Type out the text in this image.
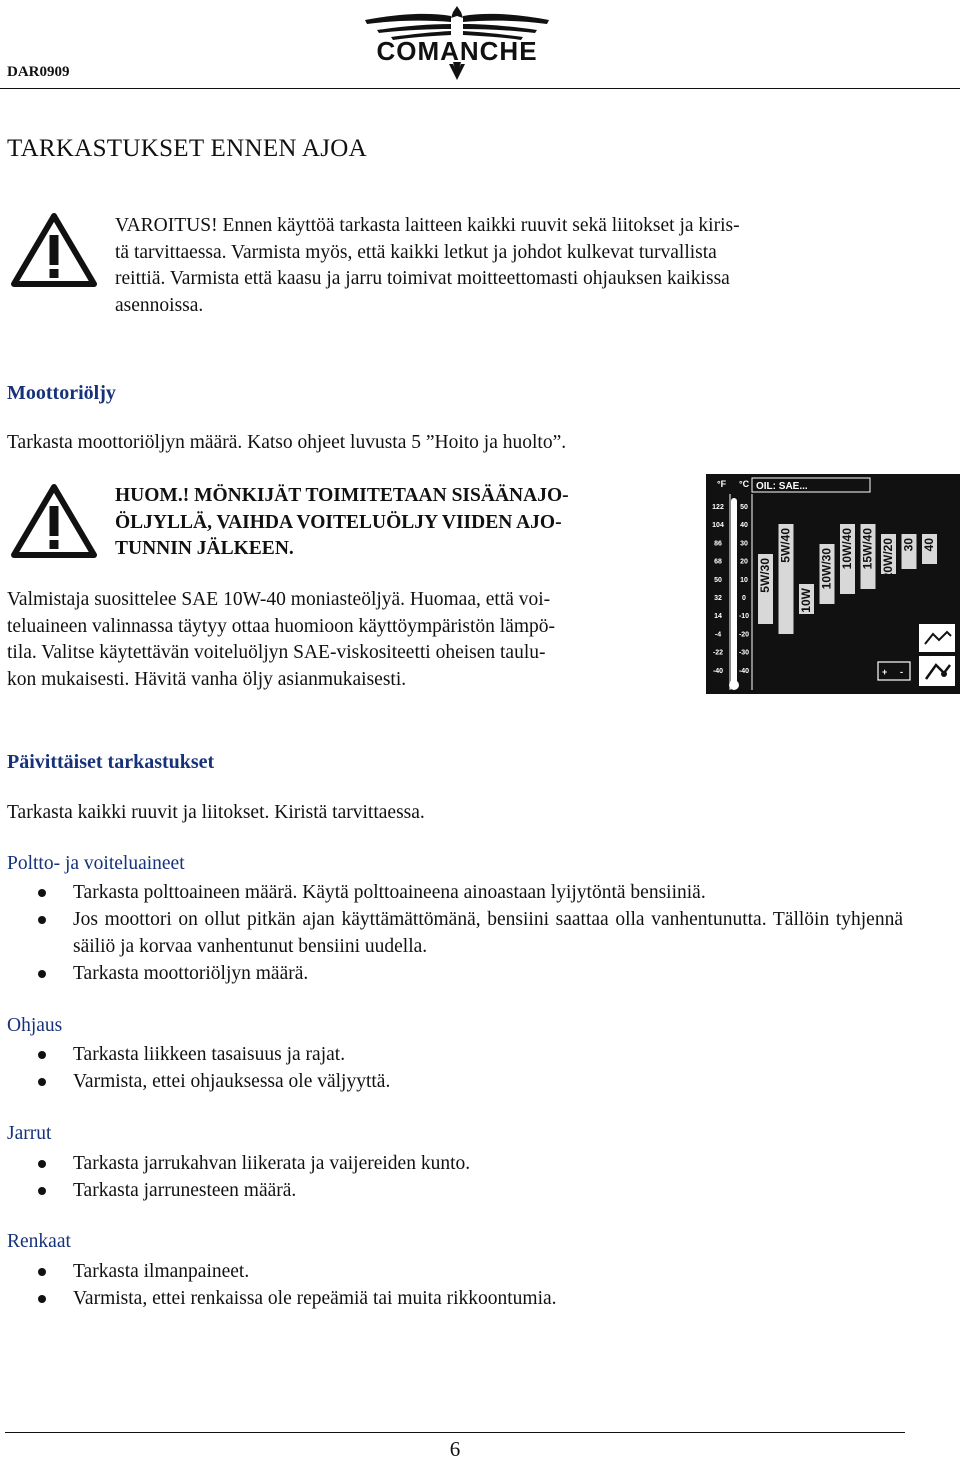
DAR0909
COMANCHE
TARKASTUKSET ENNEN AJOA
VAROITUS! Ennen käyttöä tarkasta laitteen kaikki ruuvit sekä liitokset ja kiris-
tä tarvittaessa. Varmista myös, että kaikki letkut ja johdot kulkevat turvallista
reittiä. Varmista että kaasu ja jarru toimivat moitteettomasti ohjauksen kaikissa
asennoissa.
Moottoriöljy
Tarkasta moottoriöljyn määrä. Katso ohjeet luvusta 5 ”Hoito ja huolto”.
HUOM.! MÖNKIJÄT TOIMITETAAN SISÄÄNAJO-
ÖLJYLLÄ, VAIHDA VOITELUÖLJY VIIDEN AJO-
TUNNIN JÄLKEEN.
Valmistaja suosittelee SAE 10W-40 moniasteöljyä. Huomaa, että voi-
teluaineen valinnassa täytyy ottaa huomioon käyttöympäristön lämpö-
tila. Valitse käytettävän voiteluöljyn SAE-viskositeetti oheisen taulu-
kon mukaisesti. Hävitä vanha öljy asianmukaisesti.
°F °C OIL: SAE...
122
104
86
68
50
32
14
-4
-22
-40
50
40
30
20
10
0
-10
-20
-30
-40
5W/30
5W/40
10W
10W/30 10W/40 15W/40 20W/20 30 40
+ -
Päivittäiset tarkastukset
Tarkasta kaikki ruuvit ja liitokset. Kiristä tarvittaessa.
Poltto- ja voiteluaineet
Tarkasta polttoaineen määrä. Käytä polttoaineena ainoastaan lyijytöntä bensiiniä.
Jos moottori on ollut pitkän ajan käyttämättömänä, bensiini saattaa olla vanhentunutta. Tällöin tyhjennä säiliö ja korvaa vanhentunut bensiini uudella.
Tarkasta moottoriöljyn määrä.
Ohjaus
Tarkasta liikkeen tasaisuus ja rajat.
Varmista, ettei ohjauksessa ole väljyyttä.
Jarrut
Tarkasta jarrukahvan liikerata ja vaijereiden kunto.
Tarkasta jarrunesteen määrä.
Renkaat
Tarkasta ilmanpaineet.
Varmista, ettei renkaissa ole repeämiä tai muita rikkoontumia.
6
